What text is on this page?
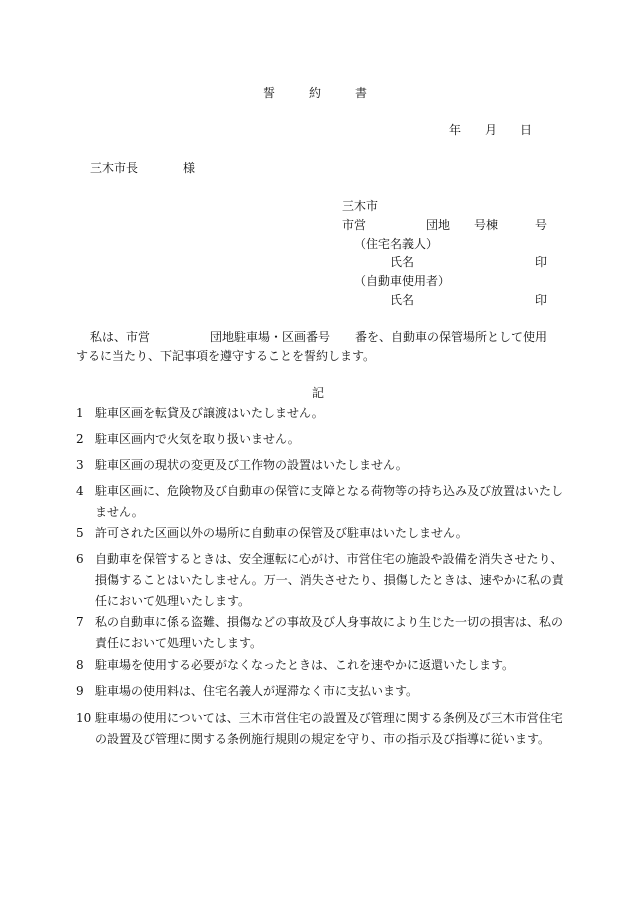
誓	約	書
年 月 日
三木市長	様
三木市
市営	団地 号棟	号
（住宅名義人）
氏名	印
（自動車使用者）
氏名	印
私は、市営	団地駐車場・区画番号 番を、自動車の保管場所として使用
するに当たり、下記事項を遵守することを誓約します。
記
1 駐車区画を転貸及び譲渡はいたしません。
2 駐車区画内で火気を取り扱いません。
3 駐車区画の現状の変更及び工作物の設置はいたしません。
4 駐車区画に、危険物及び自動車の保管に支障となる荷物等の持ち込み及び放置はいたしません。
5 許可された区画以外の場所に自動車の保管及び駐車はいたしません。
6 自動車を保管するときは、安全運転に心がけ、市営住宅の施設や設備を消失させたり、損傷することはいたしません。万一、消失させたり、損傷したときは、速やかに私の責任において処理いたします。
7 私の自動車に係る盗難、損傷などの事故及び人身事故により生じた一切の損害は、私の責任において処理いたします。
8 駐車場を使用する必要がなくなったときは、これを速やかに返還いたします。
9 駐車場の使用料は、住宅名義人が遅滞なく市に支払います。
10 駐車場の使用については、三木市営住宅の設置及び管理に関する条例及び三木市営住宅の設置及び管理に関する条例施行規則の規定を守り、市の指示及び指導に従います。
